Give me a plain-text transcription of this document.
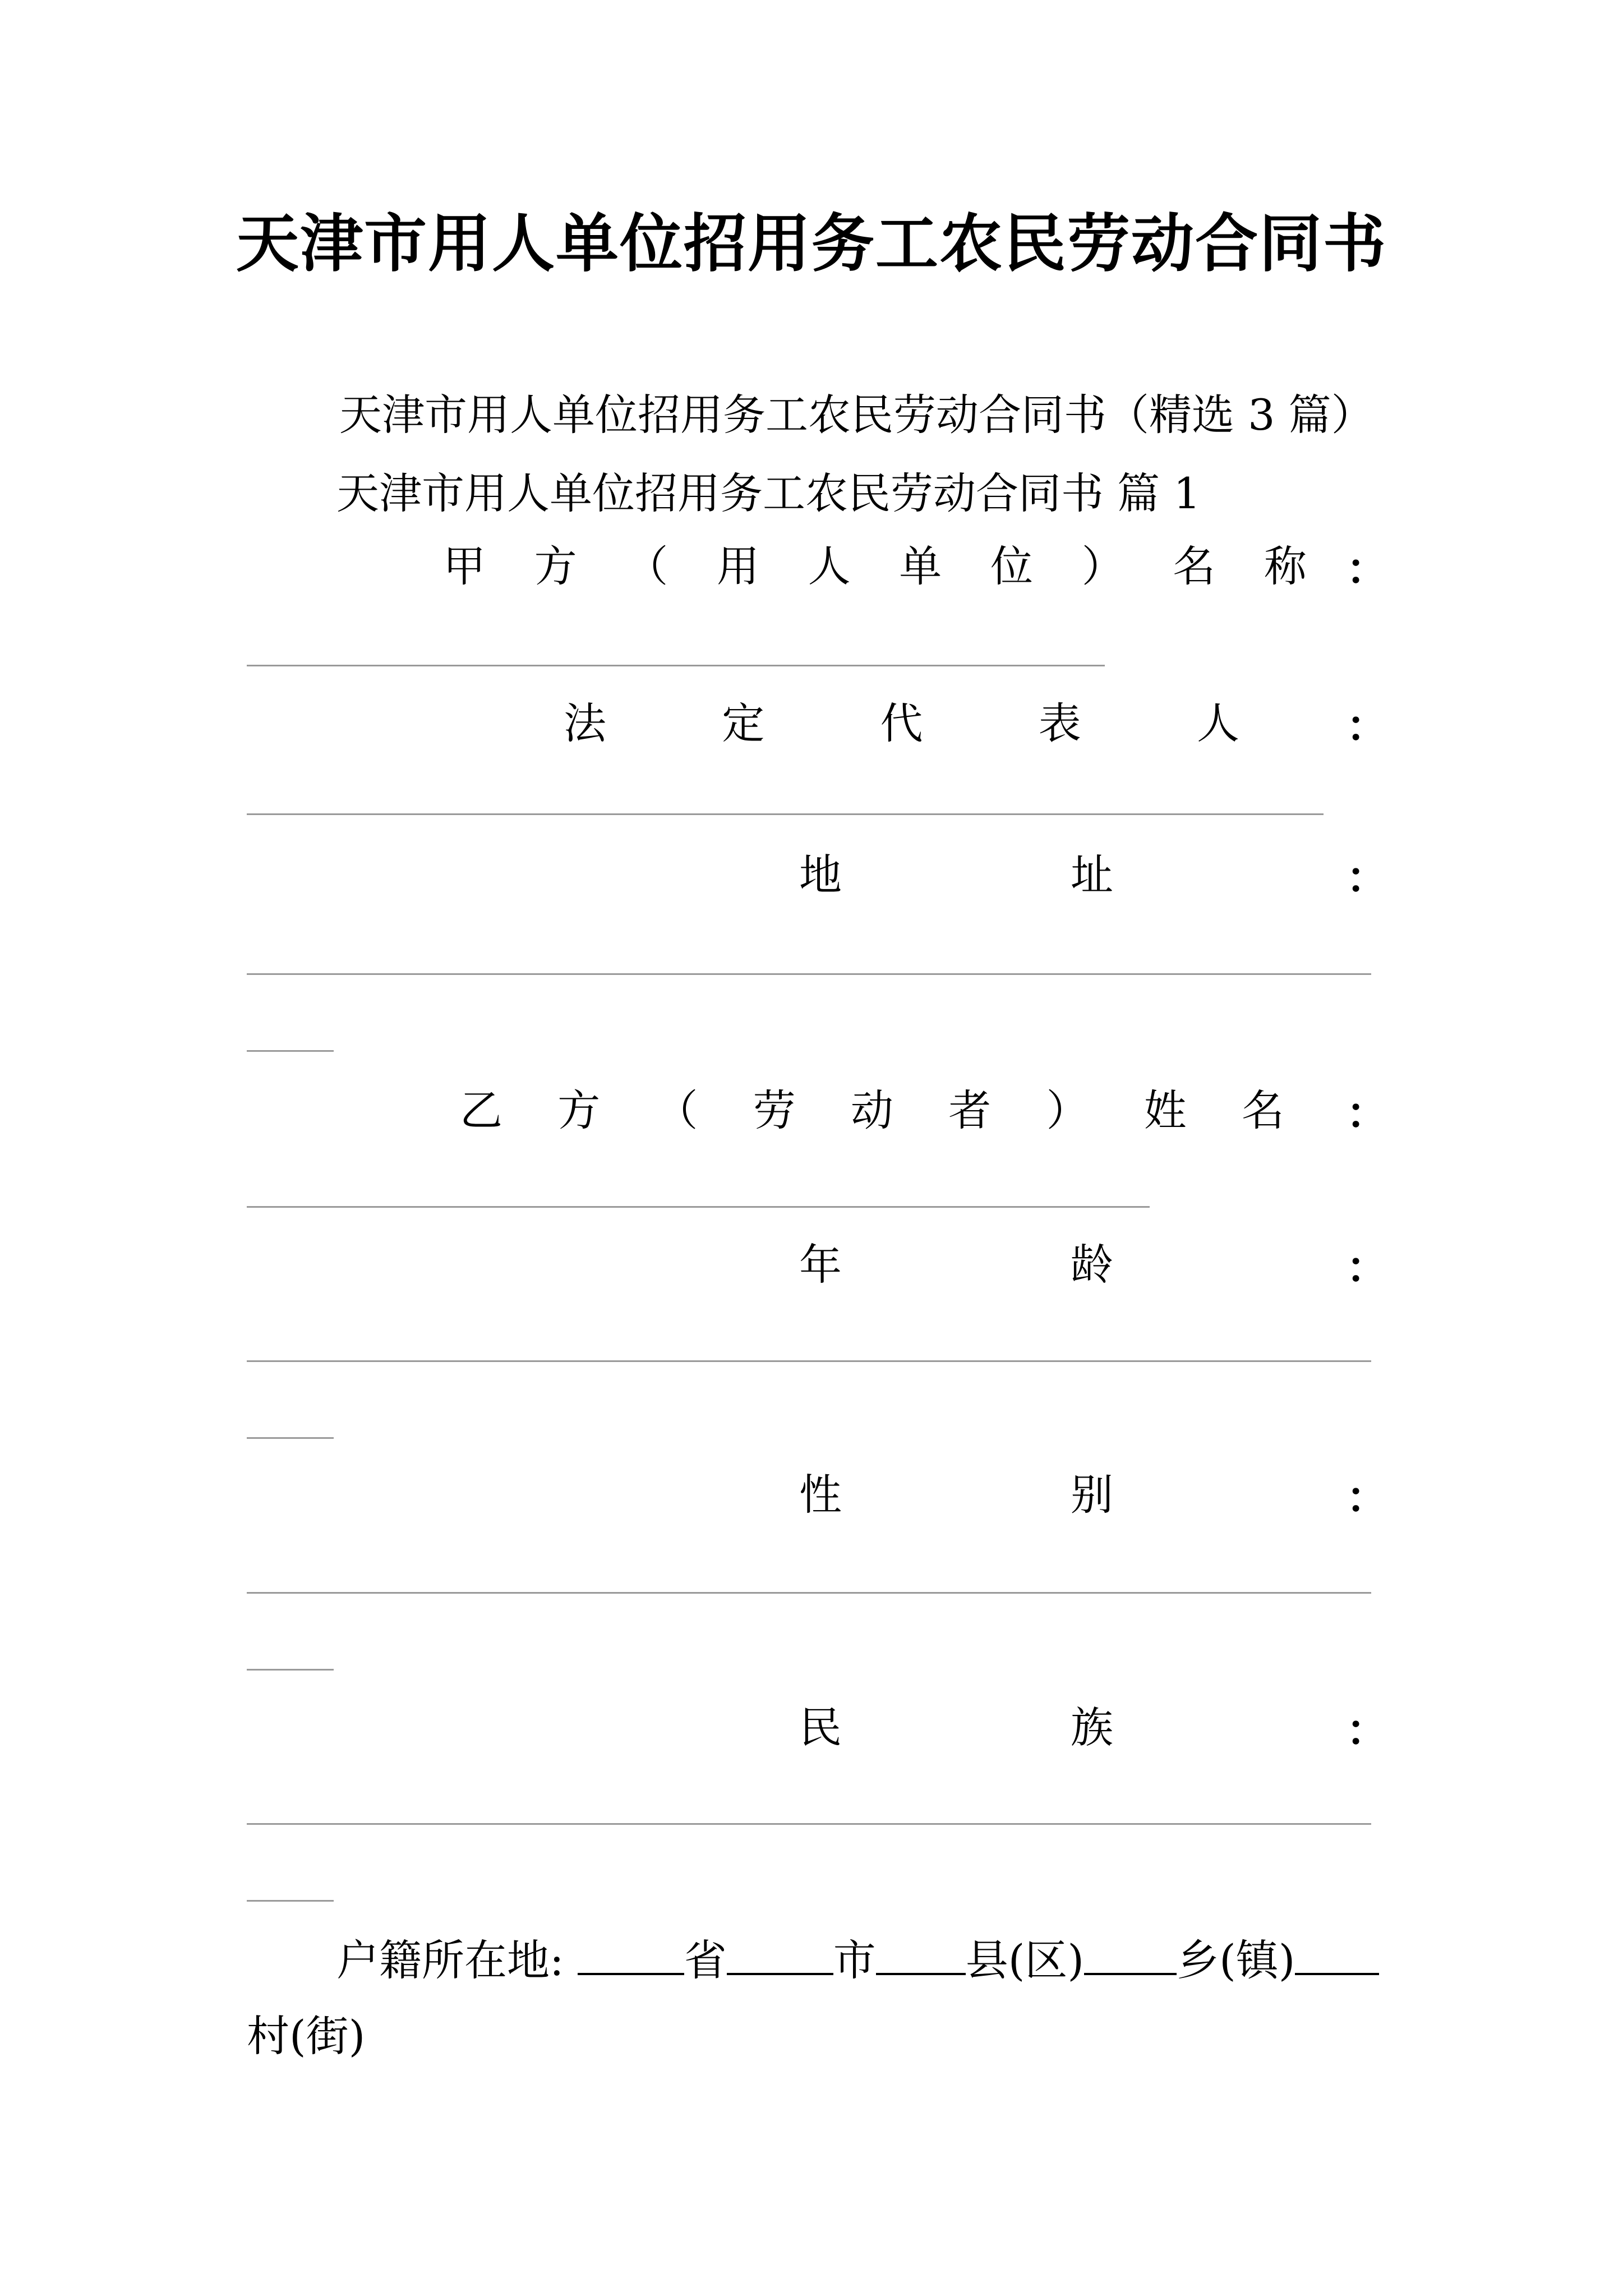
天津市用人单位招用务工农民劳动合同书
天津市用人单位招用务工农民劳动合同书（精选 3 篇）
天津市用人单位招用务工农民劳动合同书 篇 1
甲 方 （ 用 人 单 位 ） 名 称 ：
法	定	代	表	人	：
地	址	：
乙 方 （ 劳 动 者 ） 姓 名 ：
年	龄	：
性	别	：
民	族	：
户籍所在地:	省	市 县(区) 乡(镇)
村(街)
